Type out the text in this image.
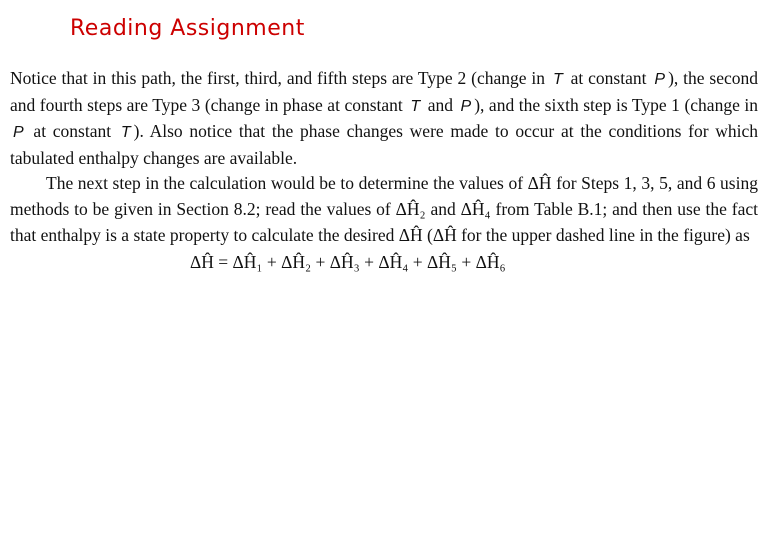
Reading Assignment

Notice that in this path, the first, third, and fifth steps are Type 2 (change in T at constant P ), the second and fourth steps are Type 3 (change in phase at constant T and P ), and the sixth step is Type 1 (change in P at constant T ). Also notice that the phase changes were made to occur at the conditions for which tabulated enthalpy changes are available.

The next step in the calculation would be to determine the values of ΔĤ for Steps 1, 3, 5, and 6 using methods to be given in Section 8.2; read the values of ΔĤ₂ and ΔĤ₄ from Table B.1; and then use the fact that enthalpy is a state property to calculate the desired ΔĤ (ΔĤ for the upper dashed line in the figure) as

ΔĤ = ΔĤ₁ + ΔĤ₂ + ΔĤ₃ + ΔĤ₄ + ΔĤ₅ + ΔĤ₆
